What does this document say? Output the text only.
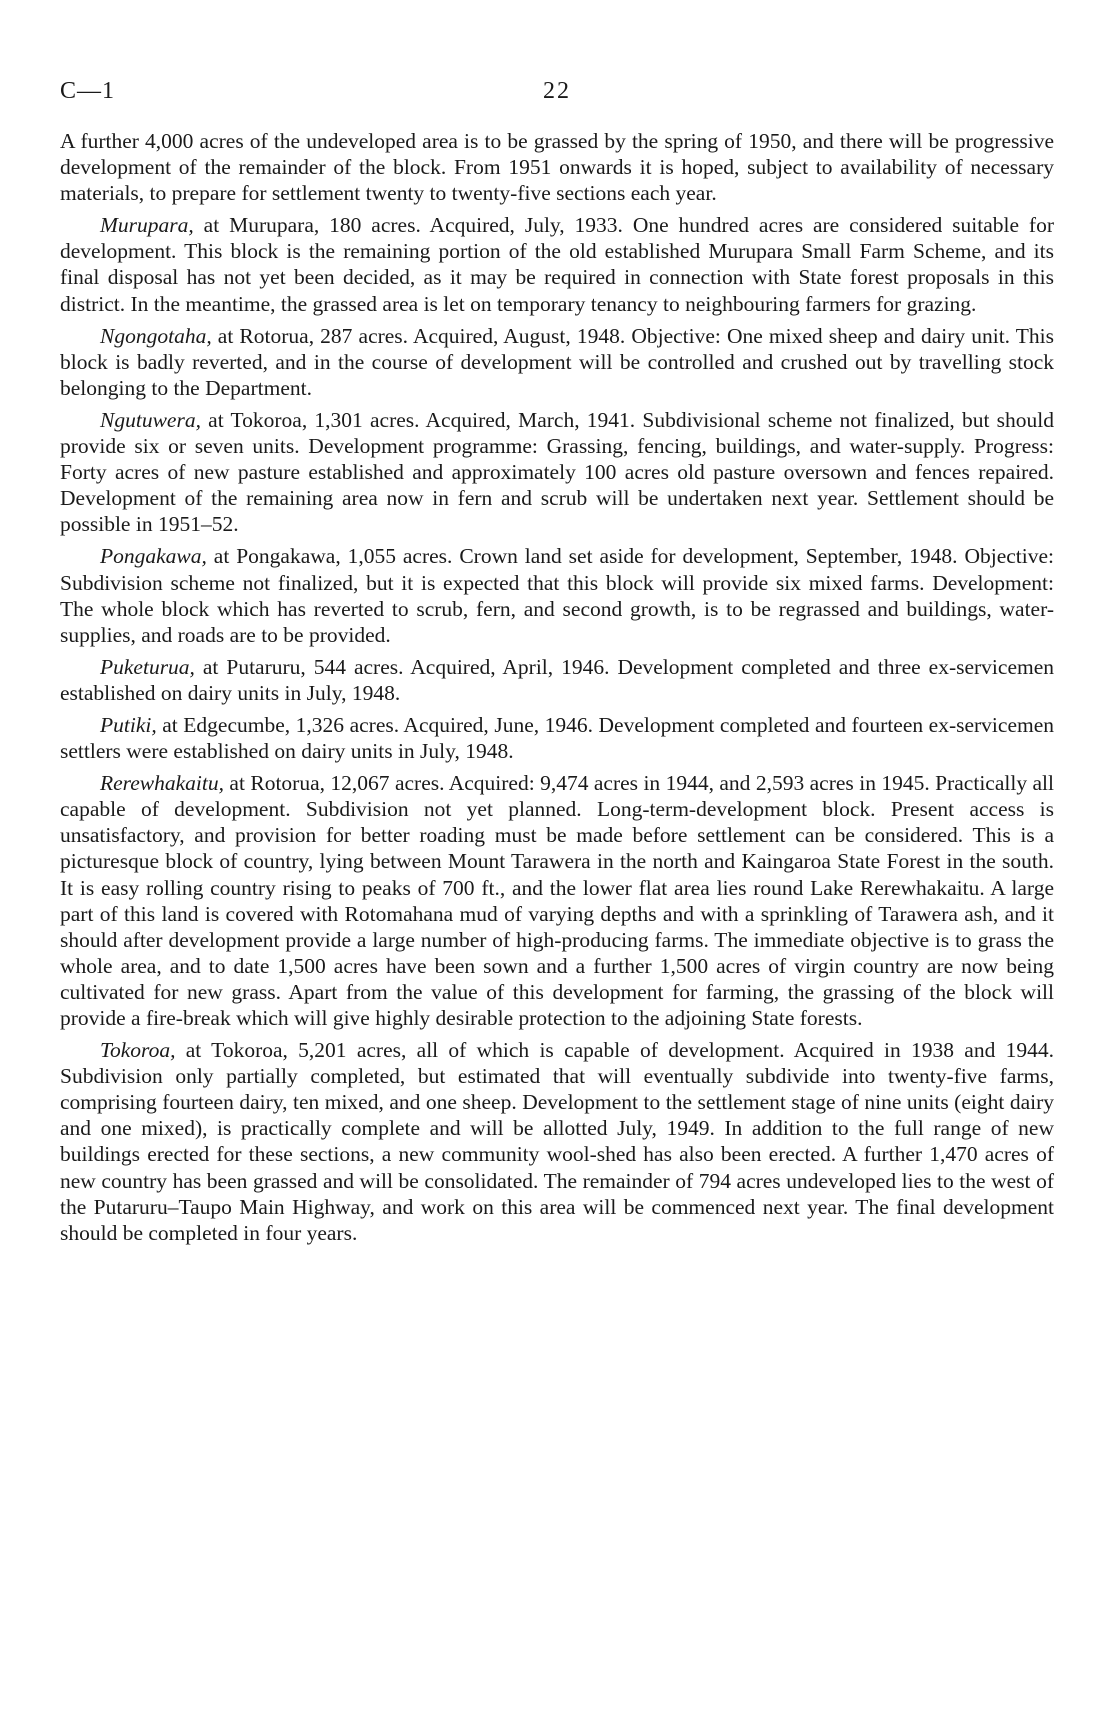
C—1	22

A further 4,000 acres of the undeveloped area is to be grassed by the spring of 1950, and there will be progressive development of the remainder of the block. From 1951 onwards it is hoped, subject to availability of necessary materials, to prepare for settlement twenty to twenty-five sections each year.

Murupara, at Murupara, 180 acres. Acquired, July, 1933. One hundred acres are considered suitable for development. This block is the remaining portion of the old established Murupara Small Farm Scheme, and its final disposal has not yet been decided, as it may be required in connection with State forest proposals in this district. In the meantime, the grassed area is let on temporary tenancy to neighbouring farmers for grazing.

Ngongotaha, at Rotorua, 287 acres. Acquired, August, 1948. Objective: One mixed sheep and dairy unit. This block is badly reverted, and in the course of development will be controlled and crushed out by travelling stock belonging to the Department.

Ngutuwera, at Tokoroa, 1,301 acres. Acquired, March, 1941. Subdivisional scheme not finalized, but should provide six or seven units. Development programme: Grassing, fencing, buildings, and water-supply. Progress: Forty acres of new pasture established and approximately 100 acres old pasture oversown and fences repaired. Development of the remaining area now in fern and scrub will be undertaken next year. Settlement should be possible in 1951–52.

Pongakawa, at Pongakawa, 1,055 acres. Crown land set aside for development, September, 1948. Objective: Subdivision scheme not finalized, but it is expected that this block will provide six mixed farms. Development: The whole block which has reverted to scrub, fern, and second growth, is to be regrassed and buildings, water-supplies, and roads are to be provided.

Puketurua, at Putaruru, 544 acres. Acquired, April, 1946. Development completed and three ex-servicemen established on dairy units in July, 1948.

Putiki, at Edgecumbe, 1,326 acres. Acquired, June, 1946. Development completed and fourteen ex-servicemen settlers were established on dairy units in July, 1948.

Rerewhakaitu, at Rotorua, 12,067 acres. Acquired: 9,474 acres in 1944, and 2,593 acres in 1945. Practically all capable of development. Subdivision not yet planned. Long-term-development block. Present access is unsatisfactory, and provision for better roading must be made before settlement can be considered. This is a picturesque block of country, lying between Mount Tarawera in the north and Kaingaroa State Forest in the south. It is easy rolling country rising to peaks of 700 ft., and the lower flat area lies round Lake Rerewhakaitu. A large part of this land is covered with Rotomahana mud of varying depths and with a sprinkling of Tarawera ash, and it should after development provide a large number of high-producing farms. The immediate objective is to grass the whole area, and to date 1,500 acres have been sown and a further 1,500 acres of virgin country are now being cultivated for new grass. Apart from the value of this development for farming, the grassing of the block will provide a fire-break which will give highly desirable protection to the adjoining State forests.

Tokoroa, at Tokoroa, 5,201 acres, all of which is capable of development. Acquired in 1938 and 1944. Subdivision only partially completed, but estimated that will eventually subdivide into twenty-five farms, comprising fourteen dairy, ten mixed, and one sheep. Development to the settlement stage of nine units (eight dairy and one mixed), is practically complete and will be allotted July, 1949. In addition to the full range of new buildings erected for these sections, a new community wool-shed has also been erected. A further 1,470 acres of new country has been grassed and will be consolidated. The remainder of 794 acres undeveloped lies to the west of the Putaruru–Taupo Main Highway, and work on this area will be commenced next year. The final development should be completed in four years.
